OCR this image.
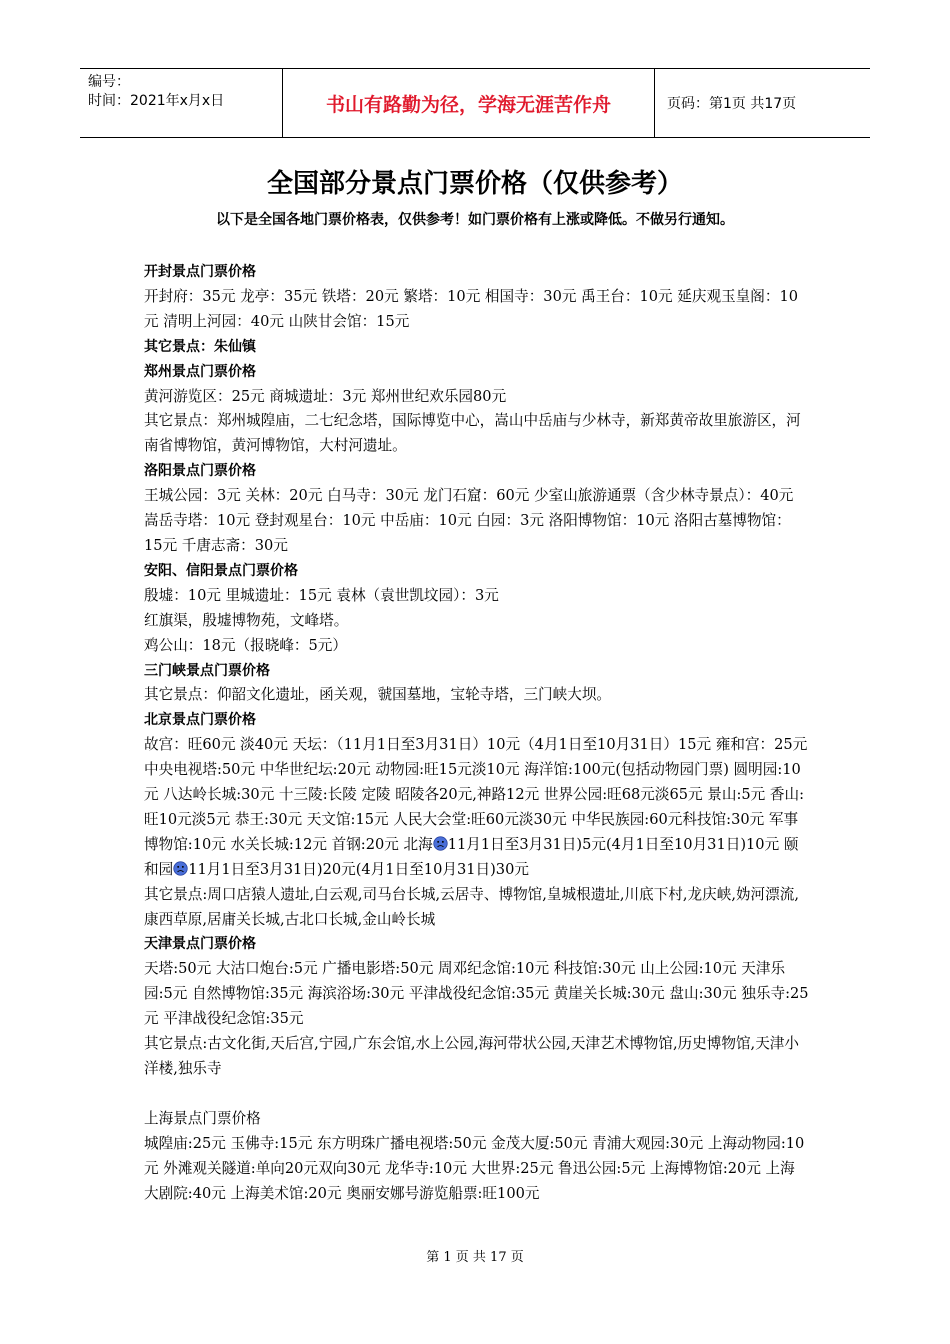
编号：
时间：2021年x月x日	书山有路勤为径，学海无涯苦作舟	页码：第1页 共17页
全国部分景点门票价格（仅供参考）
以下是全国各地门票价格表，仅供参考！如门票价格有上涨或降低。不做另行通知。

开封景点门票价格

开封府：35元 龙亭：35元 铁塔：20元 繁塔：10元 相国寺：30元 禹王台：10元 延庆观玉皇阁：10元 清明上河园：40元 山陕甘会馆：15元

其它景点：朱仙镇

郑州景点门票价格

黄河游览区：25元 商城遗址：3元 郑州世纪欢乐园80元

其它景点：郑州城隍庙，二七纪念塔，国际博览中心，嵩山中岳庙与少林寺，新郑黄帝故里旅游区，河南省博物馆，黄河博物馆，大村河遗址。

洛阳景点门票价格

王城公园：3元 关林：20元 白马寺：30元 龙门石窟：60元 少室山旅游通票（含少林寺景点）：40元 嵩岳寺塔：10元 登封观星台：10元 中岳庙：10元 白园：3元 洛阳博物馆：10元 洛阳古墓博物馆：15元 千唐志斋：30元

安阳、信阳景点门票价格

殷墟：10元 里城遗址：15元 袁林（袁世凯坟园）：3元

红旗渠，殷墟博物苑，文峰塔。

鸡公山：18元（报晓峰：5元）

三门峡景点门票价格

其它景点：仰韶文化遗址，函关观，虢国墓地，宝轮寺塔，三门峡大坝。

北京景点门票价格

故宫：旺60元 淡40元 天坛：（11月1日至3月31日）10元（4月1日至10月31日）15元 雍和宫：25元 中央电视塔:50元 中华世纪坛:20元 动物园:旺15元淡10元 海洋馆:100元(包括动物园门票) 圆明园:10元 八达岭长城:30元 十三陵:长陵 定陵 昭陵各20元,神路12元 世界公园:旺68元淡65元 景山:5元 香山:旺10元淡5元 恭王:30元 天文馆:15元 人民大会堂:旺60元淡30元 中华民族园:60元科技馆:30元 军事博物馆:10元 水关长城:12元 首钢:20元 北海 11月1日至3月31日)5元(4月1日至10月31日)10元 颐和园 11月1日至3月31日)20元(4月1日至10月31日)30元

其它景点:周口店猿人遗址,白云观,司马台长城,云居寺、博物馆,皇城根遗址,川底下村,龙庆峡,妫河漂流,康西草原,居庸关长城,古北口长城,金山岭长城

天津景点门票价格

天塔:50元 大沽口炮台:5元 广播电影塔:50元 周邓纪念馆:10元 科技馆:30元 山上公园:10元 天津乐园:5元 自然博物馆:35元 海滨浴场:30元 平津战役纪念馆:35元 黄崖关长城:30元 盘山:30元 独乐寺:25元 平津战役纪念馆:35元

其它景点:古文化街,天后宫,宁园,广东会馆,水上公园,海河带状公园,天津艺术博物馆,历史博物馆,天津小洋楼,独乐寺

上海景点门票价格

城隍庙:25元 玉佛寺:15元 东方明珠广播电视塔:50元 金茂大厦:50元 青浦大观园:30元 上海动物园:10元 外滩观关隧道:单向20元双向30元 龙华寺:10元 大世界:25元 鲁迅公园:5元 上海博物馆:20元 上海大剧院:40元 上海美术馆:20元 奥丽安娜号游览船票:旺100元

第 1 页 共 17 页
